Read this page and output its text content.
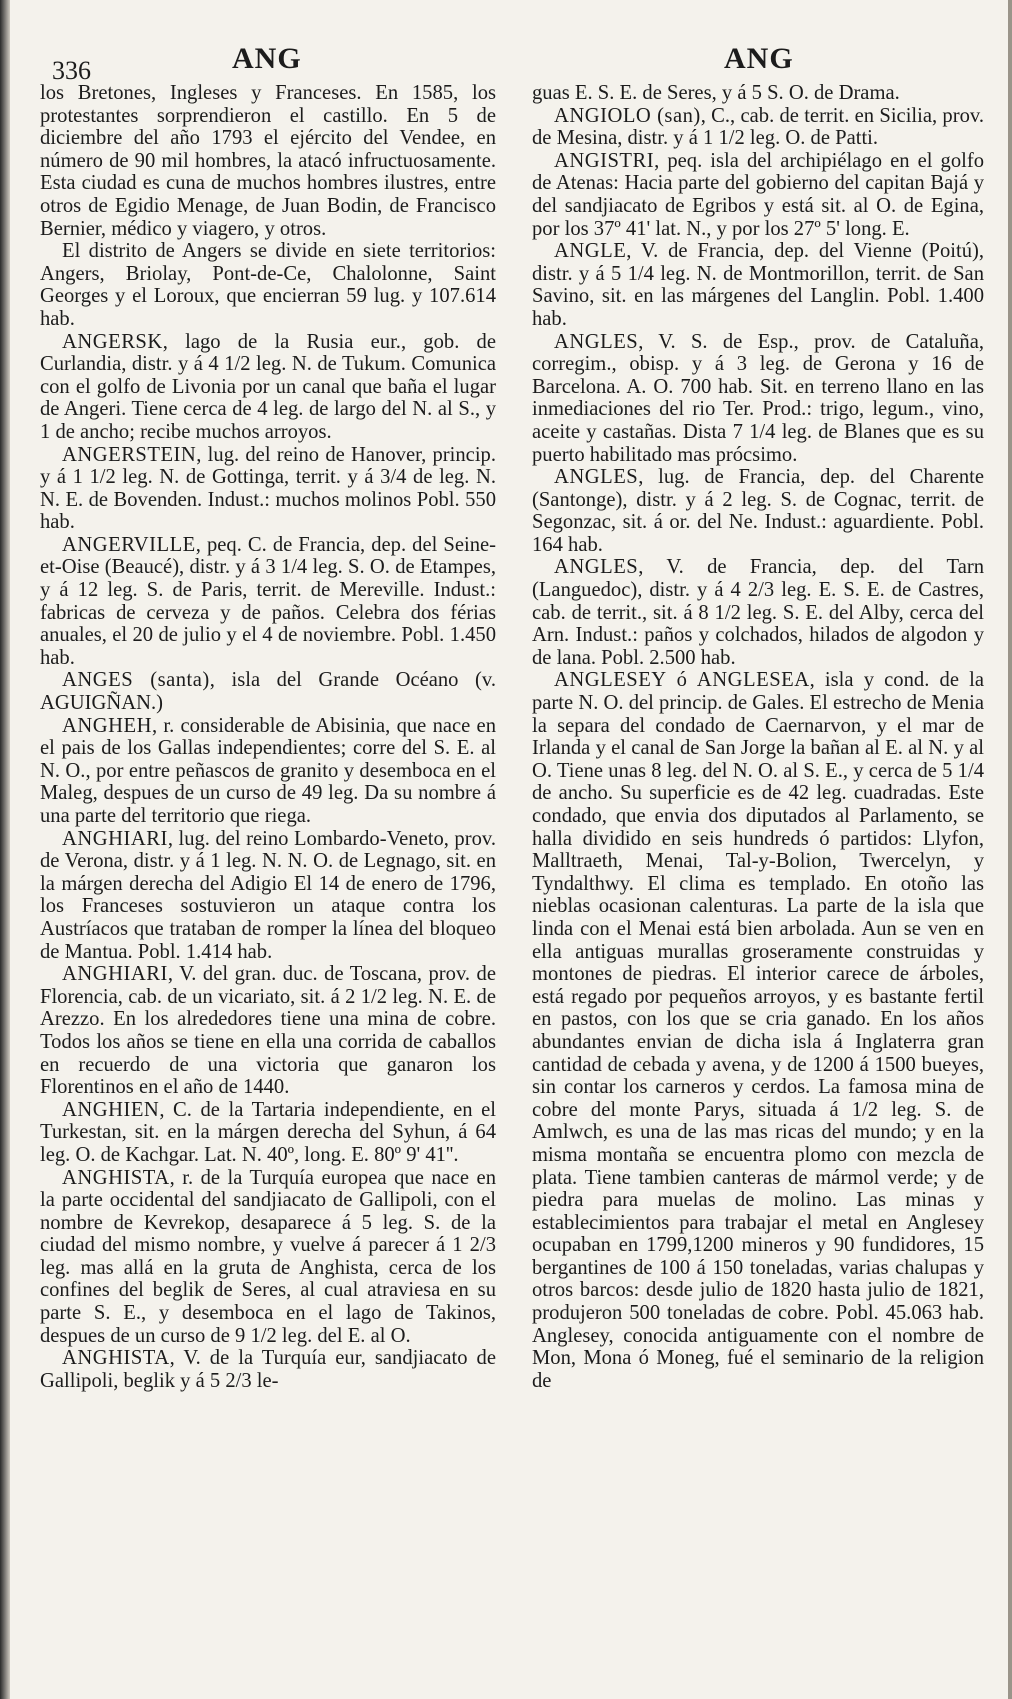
336	ANG	ANG

los Bretones, Ingleses y Franceses. En 1585, los protestantes sorprendieron el castillo. En 5 de diciembre del año 1793 el ejército del Vendee, en número de 90 mil hombres, la atacó infructuosamente. Esta ciudad es cuna de muchos hombres ilustres, entre otros de Egidio Menage, de Juan Bodin, de Francisco Bernier, médico y viagero, y otros.

El distrito de Angers se divide en siete territorios: Angers, Briolay, Pont-de-Ce, Chalolonne, Saint Georges y el Loroux, que encierran 59 lug. y 107.614 hab.

ANGERSK, lago de la Rusia eur., gob. de Curlandia, distr. y á 4 1/2 leg. N. de Tukum. Comunica con el golfo de Livonia por un canal que baña el lugar de Angeri. Tiene cerca de 4 leg. de largo del N. al S., y 1 de ancho; recibe muchos arroyos.

ANGERSTEIN, lug. del reino de Hanover, princip. y á 1 1/2 leg. N. de Gottinga, territ. y á 3/4 de leg. N. N. E. de Bovenden. Indust.: muchos molinos Pobl. 550 hab.

ANGERVILLE, peq. C. de Francia, dep. del Seine-et-Oise (Beaucé), distr. y á 3 1/4 leg. S. O. de Etampes, y á 12 leg. S. de Paris, territ. de Mereville. Indust.: fabricas de cerveza y de paños. Celebra dos férias anuales, el 20 de julio y el 4 de noviembre. Pobl. 1.450 hab.

ANGES (santa), isla del Grande Océano (v. AGUIGÑAN.)

ANGHEH, r. considerable de Abisinia, que nace en el pais de los Gallas independientes; corre del S. E. al N. O., por entre peñascos de granito y desemboca en el Maleg, despues de un curso de 49 leg. Da su nombre á una parte del territorio que riega.

ANGHIARI, lug. del reino Lombardo-Veneto, prov. de Verona, distr. y á 1 leg. N. N. O. de Legnago, sit. en la márgen derecha del Adigio El 14 de enero de 1796, los Franceses sostuvieron un ataque contra los Austríacos que trataban de romper la línea del bloqueo de Mantua. Pobl. 1.414 hab.

ANGHIARI, V. del gran. duc. de Toscana, prov. de Florencia, cab. de un vicariato, sit. á 2 1/2 leg. N. E. de Arezzo. En los alrededores tiene una mina de cobre. Todos los años se tiene en ella una corrida de caballos en recuerdo de una victoria que ganaron los Florentinos en el año de 1440.

ANGHIEN, C. de la Tartaria independiente, en el Turkestan, sit. en la márgen derecha del Syhun, á 64 leg. O. de Kachgar. Lat. N. 40º, long. E. 80º 9' 41''.

ANGHISTA, r. de la Turquía europea que nace en la parte occidental del sandjiacato de Gallipoli, con el nombre de Kevrekop, desaparece á 5 leg. S. de la ciudad del mismo nombre, y vuelve á parecer á 1 2/3 leg. mas allá en la gruta de Anghista, cerca de los confines del beglik de Seres, al cual atraviesa en su parte S. E., y desemboca en el lago de Takinos, despues de un curso de 9 1/2 leg. del E. al O.

ANGHISTA, V. de la Turquía eur, sandjiacato de Gallipoli, beglik y á 5 2/3 le-

guas E. S. E. de Seres, y á 5 S. O. de Drama.

ANGIOLO (san), C., cab. de territ. en Sicilia, prov. de Mesina, distr. y á 1 1/2 leg. O. de Patti.

ANGISTRI, peq. isla del archipiélago en el golfo de Atenas: Hacia parte del gobierno del capitan Bajá y del sandjiacato de Egribos y está sit. al O. de Egina, por los 37º 41' lat. N., y por los 27º 5' long. E.

ANGLE, V. de Francia, dep. del Vienne (Poitú), distr. y á 5 1/4 leg. N. de Montmorillon, territ. de San Savino, sit. en las márgenes del Langlin. Pobl. 1.400 hab.

ANGLES, V. S. de Esp., prov. de Cataluña, corregim., obisp. y á 3 leg. de Gerona y 16 de Barcelona. A. O. 700 hab. Sit. en terreno llano en las inmediaciones del rio Ter. Prod.: trigo, legum., vino, aceite y castañas. Dista 7 1/4 leg. de Blanes que es su puerto habilitado mas prócsimo.

ANGLES, lug. de Francia, dep. del Charente (Santonge), distr. y á 2 leg. S. de Cognac, territ. de Segonzac, sit. á or. del Ne. Indust.: aguardiente. Pobl. 164 hab.

ANGLES, V. de Francia, dep. del Tarn (Languedoc), distr. y á 4 2/3 leg. E. S. E. de Castres, cab. de territ., sit. á 8 1/2 leg. S. E. del Alby, cerca del Arn. Indust.: paños y colchados, hilados de algodon y de lana. Pobl. 2.500 hab.

ANGLESEY ó ANGLESEA, isla y cond. de la parte N. O. del princip. de Gales. El estrecho de Menia la separa del condado de Caernarvon, y el mar de Irlanda y el canal de San Jorge la bañan al E. al N. y al O. Tiene unas 8 leg. del N. O. al S. E., y cerca de 5 1/4 de ancho. Su superficie es de 42 leg. cuadradas. Este condado, que envia dos diputados al Parlamento, se halla dividido en seis hundreds ó partidos: Llyfon, Malltraeth, Menai, Tal-y-Bolion, Twercelyn, y Tyndalthwy. El clima es templado. En otoño las nieblas ocasionan calenturas. La parte de la isla que linda con el Menai está bien arbolada. Aun se ven en ella antiguas murallas groseramente construidas y montones de piedras. El interior carece de árboles, está regado por pequeños arroyos, y es bastante fertil en pastos, con los que se cria ganado. En los años abundantes envian de dicha isla á Inglaterra gran cantidad de cebada y avena, y de 1200 á 1500 bueyes, sin contar los carneros y cerdos. La famosa mina de cobre del monte Parys, situada á 1/2 leg. S. de Amlwch, es una de las mas ricas del mundo; y en la misma montaña se encuentra plomo con mezcla de plata. Tiene tambien canteras de mármol verde; y de piedra para muelas de molino. Las minas y establecimientos para trabajar el metal en Anglesey ocupaban en 1799,1200 mineros y 90 fundidores, 15 bergantines de 100 á 150 toneladas, varias chalupas y otros barcos: desde julio de 1820 hasta julio de 1821, produjeron 500 toneladas de cobre. Pobl. 45.063 hab. Anglesey, conocida antiguamente con el nombre de Mon, Mona ó Moneg, fué el seminario de la religion de
